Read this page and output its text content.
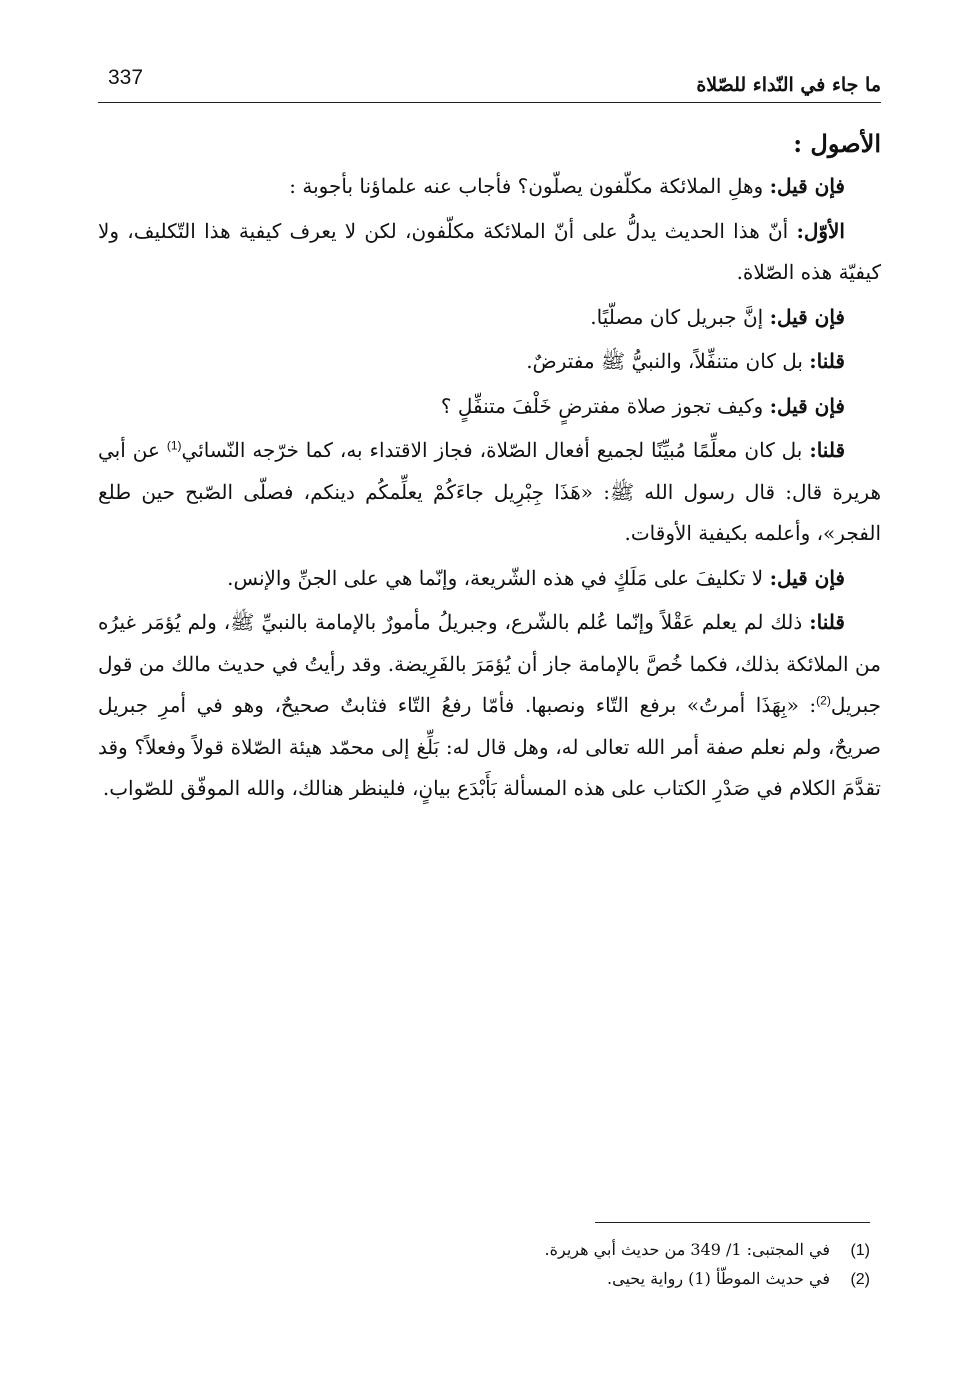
ما جاء في النّداء للصّلاة
337
الأصول :

فإن قيل: وهلِ الملائكة مكلّفون يصلّون؟ فأجاب عنه علماؤنا بأجوبة :

الأوّل: أنّ هذا الحديث يدلُّ على أنّ الملائكة مكلّفون، لكن لا يعرف كيفية هذا التّكليف، ولا كيفيّة هذه الصّلاة.

فإن قيل: إنَّ جبريل كان مصلّيًا.

قلنا: بل كان متنفِّلاً، والنبيُّ ﷺ مفترضٌ.

فإن قيل: وكيف تجوز صلاة مفترضٍ خَلْفَ متنفِّلٍ ؟

قلنا: بل كان معلِّمًا مُبيِّنًا لجميع أفعال الصّلاة، فجاز الاقتداء به، كما خرّجه النّسائي$^{(1)}$ عن أبي هريرة قال: قال رسول الله ﷺ: «هَذَا جِبْرِيل جاءَكُمْ يعلِّمكُم دينكم، فصلّى الصّبح حين طلع الفجر»، وأعلمه بكيفية الأوقات.

فإن قيل: لا تكليفَ على مَلَكٍ في هذه الشّريعة، وإنّما هي على الجنِّ والإنس.

قلنا: ذلك لم يعلم عَقْلاً وإنّما عُلم بالشّرع، وجبريلُ مأمورٌ بالإمامة بالنبيِّ ﷺ، ولم يُؤمَر غيرُه من الملائكة بذلك، فكما خُصَّ بالإمامة جاز أن يُؤمَرَ بالفَرِيضة. وقد رأيتُ في حديث مالك من قول جبريل$^{(2)}$: «بِهَذَا أمرتُ» برفع التّاء ونصبها. فأمّا رفعُ التّاء فثابتٌ صحيحٌ، وهو في أمرِ جبريل صريحٌ، ولم نعلم صفة أمر الله تعالى له، وهل قال له: بَلِّغ إلى محمّد هيئة الصّلاة قولاً وفعلاً؟ وقد تقدَّمَ الكلام في صَدْرِ الكتاب على هذه المسألة بَأَبْدَع بيانٍ، فلينظر هنالك، والله الموفّق للصّواب.

(1)في المجتبى: 1/ 349 من حديث أبي هريرة.
(2)في حديث الموطّأ (1) رواية يحيى.
